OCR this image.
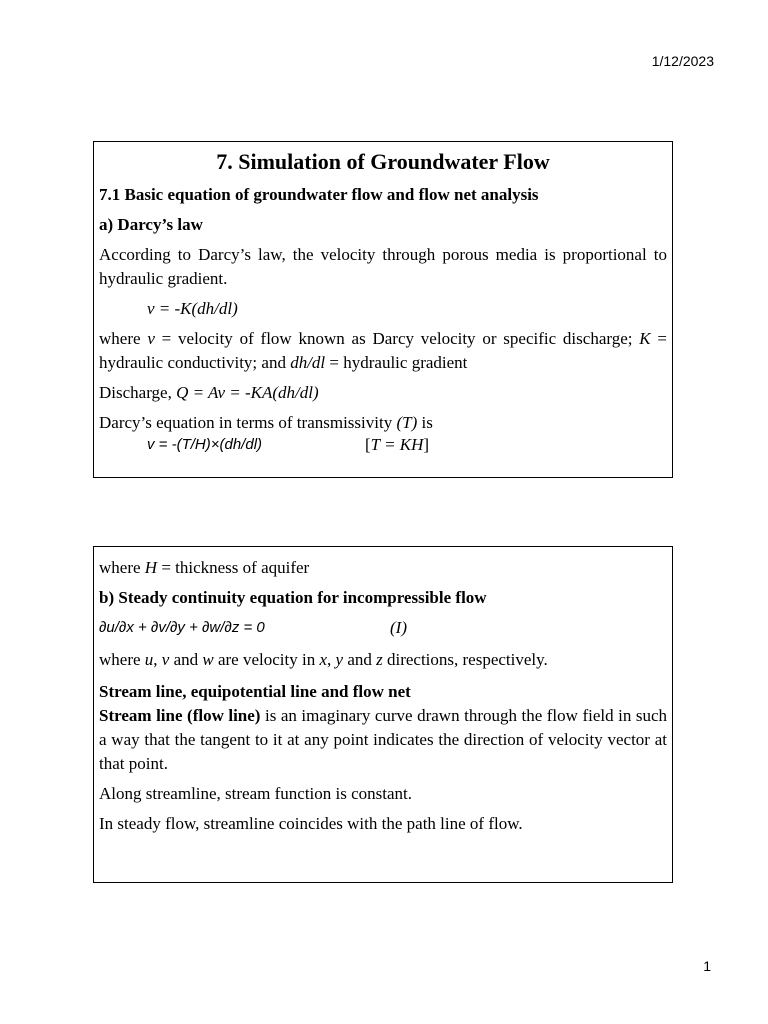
1/12/2023
7. Simulation of Groundwater Flow
7.1 Basic equation of groundwater flow and flow net analysis
a) Darcy’s law
According to Darcy’s law, the velocity through porous media is proportional to hydraulic gradient.
v = -K(dh/dl)
where v = velocity of flow known as Darcy velocity or specific discharge; K = hydraulic conductivity; and dh/dl = hydraulic gradient
Discharge, Q = Av = -KA(dh/dl)
Darcy’s equation in terms of transmissivity (T) is
v = -(T/H)×(dh/dl)	[T = KH]
where H = thickness of aquifer
b) Steady continuity equation for incompressible flow
∂u/∂x + ∂v/∂y + ∂w/∂z = 0	(I)
where u, v and w are velocity in x, y and z directions, respectively.
Stream line, equipotential line and flow net
Stream line (flow line) is an imaginary curve drawn through the flow field in such a way that the tangent to it at any point indicates the direction of velocity vector at that point.
Along streamline, stream function is constant.
In steady flow, streamline coincides with the path line of flow.
1
